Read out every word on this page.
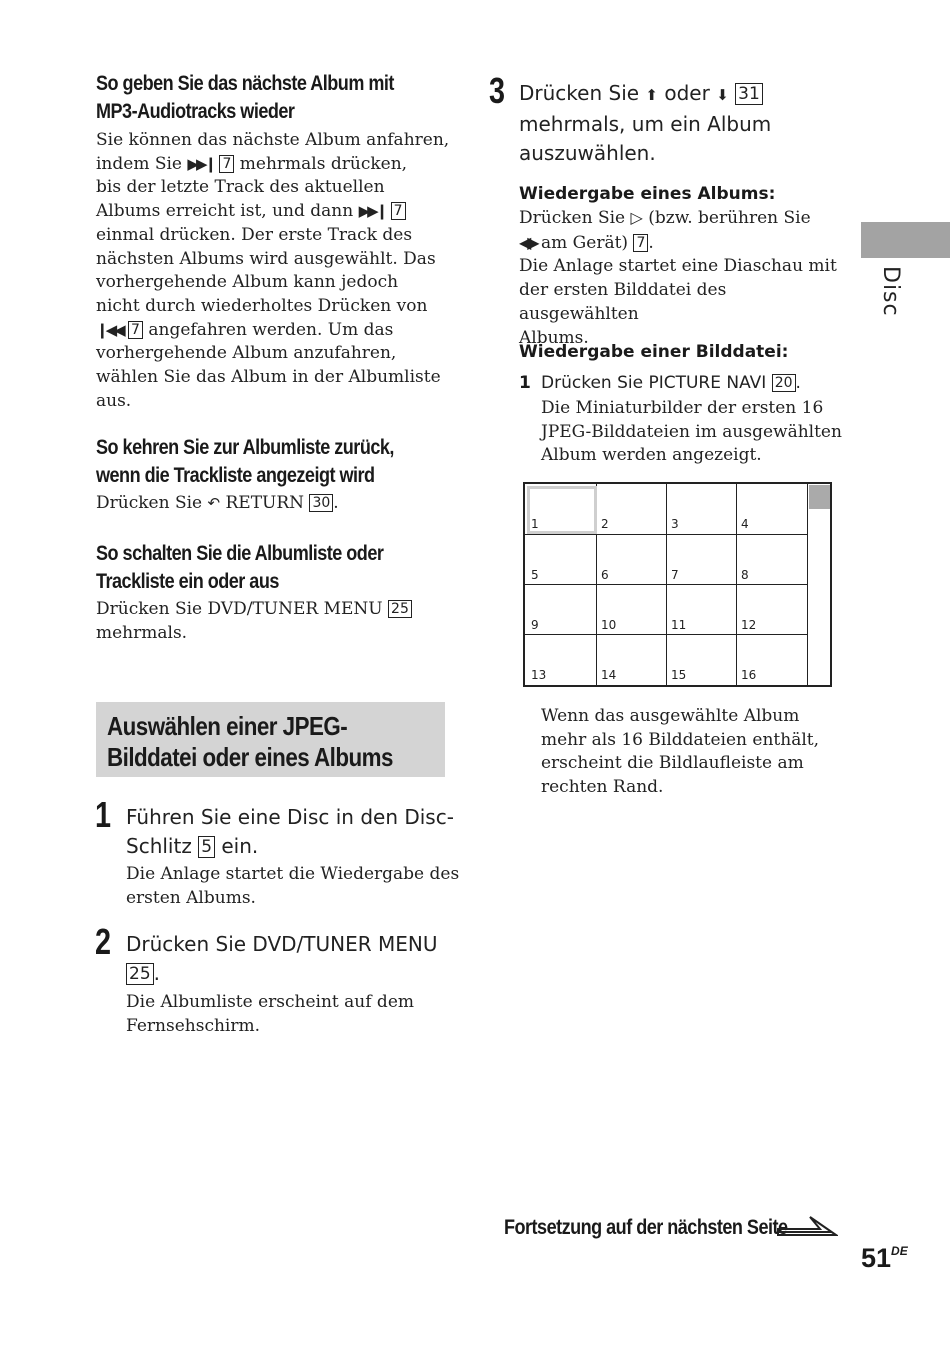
So geben Sie das nächste Album mit
MP3-Audiotracks wieder
Sie können das nächste Album anfahren,
indem Sie ▶▶❙ 7 mehrmals drücken,
bis der letzte Track des aktuellen
Albums erreicht ist, und dann ▶▶❙ 7
einmal drücken. Der erste Track des
nächsten Albums wird ausgewählt. Das
vorhergehende Album kann jedoch
nicht durch wiederholtes Drücken von
❙◀◀ 7 angefahren werden. Um das
vorhergehende Album anzufahren,
wählen Sie das Album in der Albumliste
aus.
So kehren Sie zur Albumliste zurück,
wenn die Trackliste angezeigt wird
Drücken Sie ↶ RETURN 30 .
So schalten Sie die Albumliste oder
Trackliste ein oder aus
Drücken Sie DVD/TUNER MENU 25
mehrmals.
Auswählen einer JPEG-
Bilddatei oder eines Albums
1 Führen Sie eine Disc in den Disc-
Schlitz 5 ein.
Die Anlage startet die Wiedergabe des
ersten Albums.
2 Drücken Sie DVD/TUNER MENU
25 .
Die Albumliste erscheint auf dem
Fernsehschirm.
3 Drücken Sie ⬆ oder ⬇ 31
mehrmals, um ein Album
auszuwählen.
Wiedergabe eines Albums:
Drücken Sie ▷ (bzw. berühren Sie
◀▶ am Gerät) 7 .
Die Anlage startet eine Diaschau mit
der ersten Bilddatei des ausgewählten
Albums.
Wiedergabe einer Bilddatei:
1 Drücken Sie PICTURE NAVI 20 .
Die Miniaturbilder der ersten 16
JPEG-Bilddateien im ausgewählten
Album werden angezeigt.
1	2	3	4
5	6	7	8
9	10	11	12
13	14	15	16
Wenn das ausgewählte Album
mehr als 16 Bilddateien enthält,
erscheint die Bildlaufleiste am
rechten Rand.
Disc
Fortsetzung auf der nächsten Seite
51DE
